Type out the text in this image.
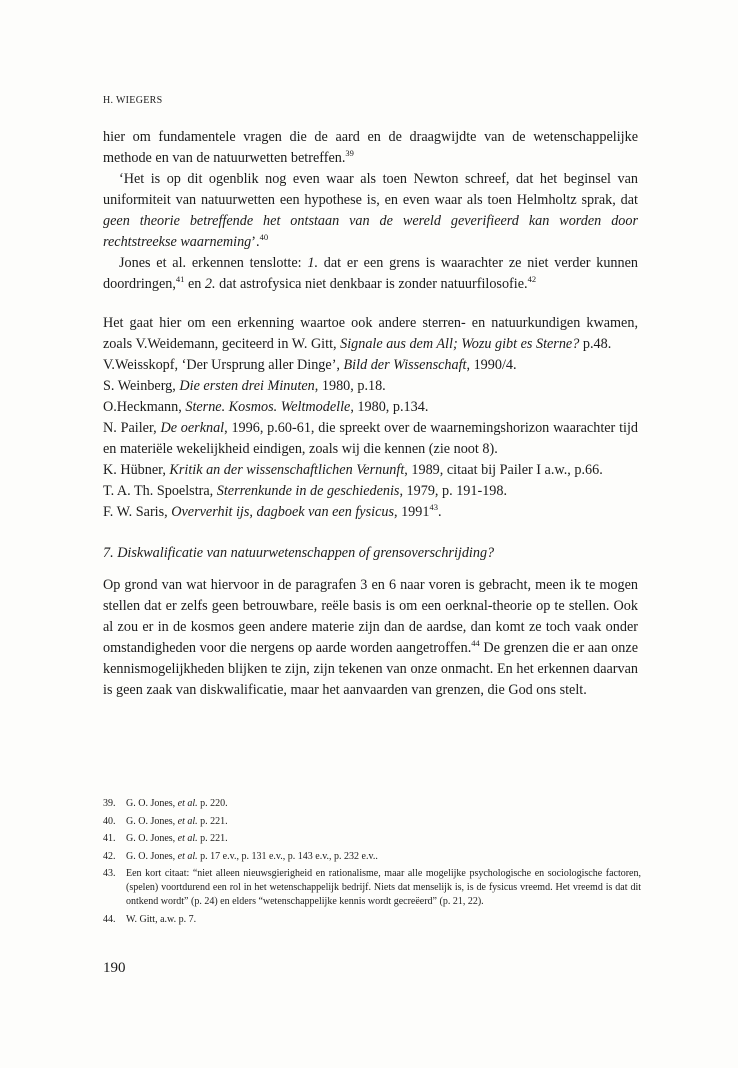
H. WIEGERS

hier om fundamentele vragen die de aard en de draagwijdte van de wetenschappelijke methode en van de natuurwetten betreffen.$^{39}$

‘Het is op dit ogenblik nog even waar als toen Newton schreef, dat het beginsel van uniformiteit van natuurwetten een hypothese is, en even waar als toen Helmholtz sprak, dat geen theorie betreffende het ontstaan van de wereld geverifieerd kan worden door rechtstreekse waarneming’.$^{40}$

Jones et al. erkennen tenslotte: 1. dat er een grens is waarachter ze niet verder kunnen doordringen,$^{41}$ en 2. dat astrofysica niet denkbaar is zonder natuurfilosofie.$^{42}$

Het gaat hier om een erkenning waartoe ook andere sterren- en natuurkundigen kwamen, zoals V.Weidemann, geciteerd in W. Gitt, Signale aus dem All; Wozu gibt es Sterne? p.48.

V.Weisskopf, ‘Der Ursprung aller Dinge’, Bild der Wissenschaft, 1990/4.
S. Weinberg, Die ersten drei Minuten, 1980, p.18.
O.Heckmann, Sterne. Kosmos. Weltmodelle, 1980, p.134.
N. Pailer, De oerknal, 1996, p.60-61, die spreekt over de waarnemingshorizon waarachter tijd en materiële wekelijkheid eindigen, zoals wij die kennen (zie noot 8).
K. Hübner, Kritik an der wissenschaftlichen Vernunft, 1989, citaat bij Pailer I a.w., p.66.
T. A. Th. Spoelstra, Sterrenkunde in de geschiedenis, 1979, p. 191-198.
F. W. Saris, Oververhit ijs, dagboek van een fysicus, 1991$^{43}$.

7. Diskwalificatie van natuurwetenschappen of grensoverschrijding?

Op grond van wat hiervoor in de paragrafen 3 en 6 naar voren is gebracht, meen ik te mogen stellen dat er zelfs geen betrouwbare, reële basis is om een oerknal-theorie op te stellen. Ook al zou er in de kosmos geen andere materie zijn dan de aardse, dan komt ze toch vaak onder omstandigheden voor die nergens op aarde worden aangetroffen.$^{44}$ De grenzen die er aan onze kennismogelijkheden blijken te zijn, zijn tekenen van onze onmacht. En het erkennen daarvan is geen zaak van diskwalificatie, maar het aanvaarden van grenzen, die God ons stelt.

39.	G. O. Jones, et al. p. 220.
40.	G. O. Jones, et al. p. 221.
41.	G. O. Jones, et al. p. 221.
42.	G. O. Jones, et al. p. 17 e.v., p. 131 e.v., p. 143 e.v., p. 232 e.v..
43.	Een kort citaat: “niet alleen nieuwsgierigheid en rationalisme, maar alle mogelijke psychologische en sociologische factoren, (spelen) voortdurend een rol in het wetenschappelijk bedrijf. Niets dat menselijk is, is de fysicus vreemd. Het vreemd is dat dit ontkend wordt” (p. 24) en elders “wetenschappelijke kennis wordt gecreëerd” (p. 21, 22).
44.	W. Gitt, a.w. p. 7.
190
